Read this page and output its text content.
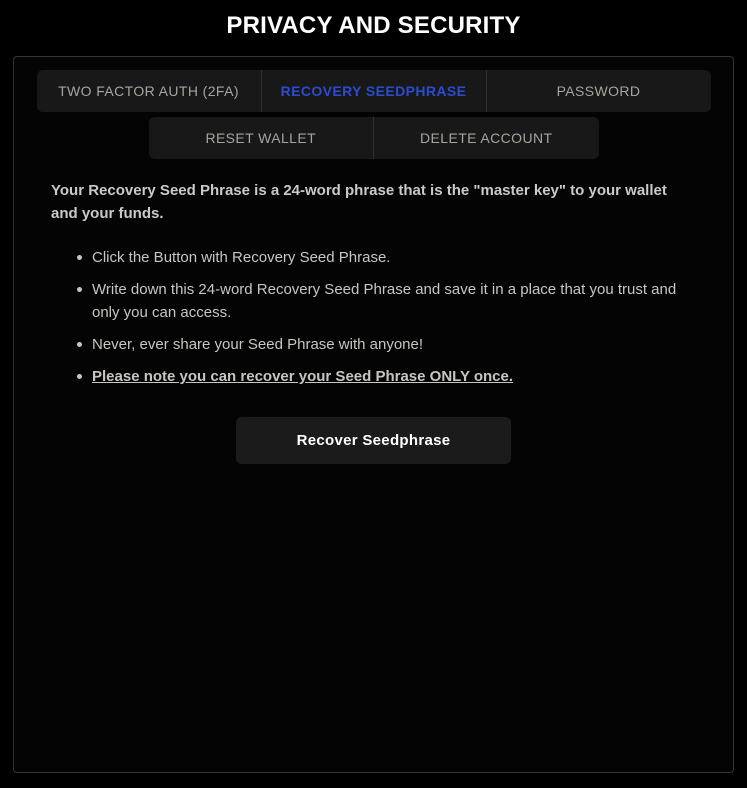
PRIVACY AND SECURITY
TWO FACTOR AUTH (2FA)	RECOVERY SEEDPHRASE	PASSWORD
RESET WALLET	DELETE ACCOUNT

Your Recovery Seed Phrase is a 24-word phrase that is the "master key" to your wallet and your funds.

Click the Button with Recovery Seed Phrase.
Write down this 24-word Recovery Seed Phrase and save it in a place that you trust and only you can access.
Never, ever share your Seed Phrase with anyone!
Please note you can recover your Seed Phrase ONLY once.
Recover Seedphrase
